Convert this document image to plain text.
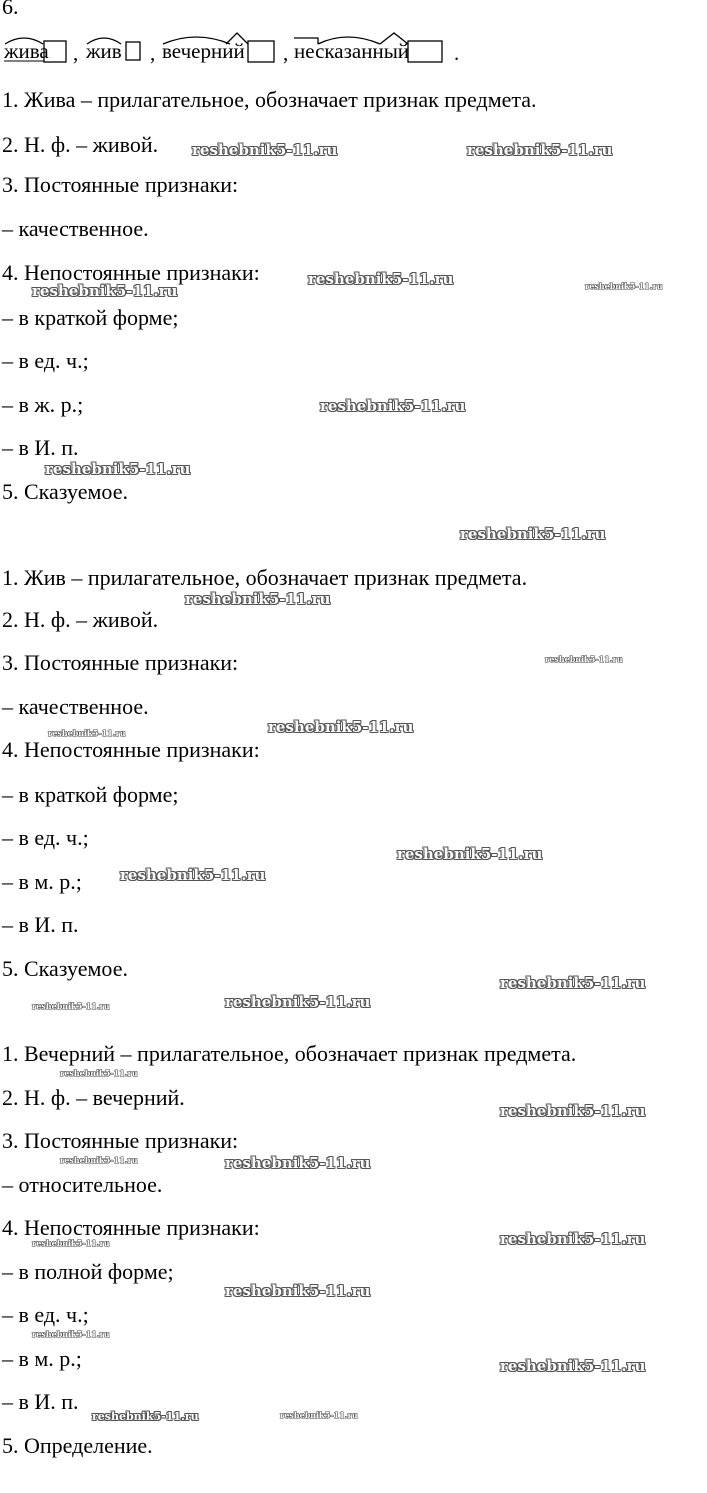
6.
жива , жив , вечерний , несказанный .
1. Жива – прилагательное, обозначает признак предмета.
2. Н. ф. – живой.
3. Постоянные признаки:
– качественное.
4. Непостоянные признаки:
– в краткой форме;
– в ед. ч.;
– в ж. р.;
– в И. п.
5. Сказуемое.
1. Жив – прилагательное, обозначает признак предмета.
2. Н. ф. – живой.
3. Постоянные признаки:
– качественное.
4. Непостоянные признаки:
– в краткой форме;
– в ед. ч.;
– в м. р.;
– в И. п.
5. Сказуемое.
1. Вечерний – прилагательное, обозначает признак предмета.
2. Н. ф. – вечерний.
3. Постоянные признаки:
– относительное.
4. Непостоянные признаки:
– в полной форме;
– в ед. ч.;
– в м. р.;
– в И. п.
5. Определение.
reshebnik5-11.ru	reshebnik5-11.ru
reshebnik5-11.ru
reshebnik5-11.ru	reshebnik5-11.ru
reshebnik5-11.ru
reshebnik5-11.ru
reshebnik5-11.ru
reshebnik5-11.ru
reshebnik5-11.ru
reshebnik5-11.ru	reshebnik5-11.ru
reshebnik5-11.ru
reshebnik5-11.ru
reshebnik5-11.ru
reshebnik5-11.ru	reshebnik5-11.ru
reshebnik5-11.ru
reshebnik5-11.ru
reshebnik5-11.ru	reshebnik5-11.ru
reshebnik5-11.ru	reshebnik5-11.ru
reshebnik5-11.ru
reshebnik5-11.ru
reshebnik5-11.ru
reshebnik5-11.ru
reshebnik5-11.ru
